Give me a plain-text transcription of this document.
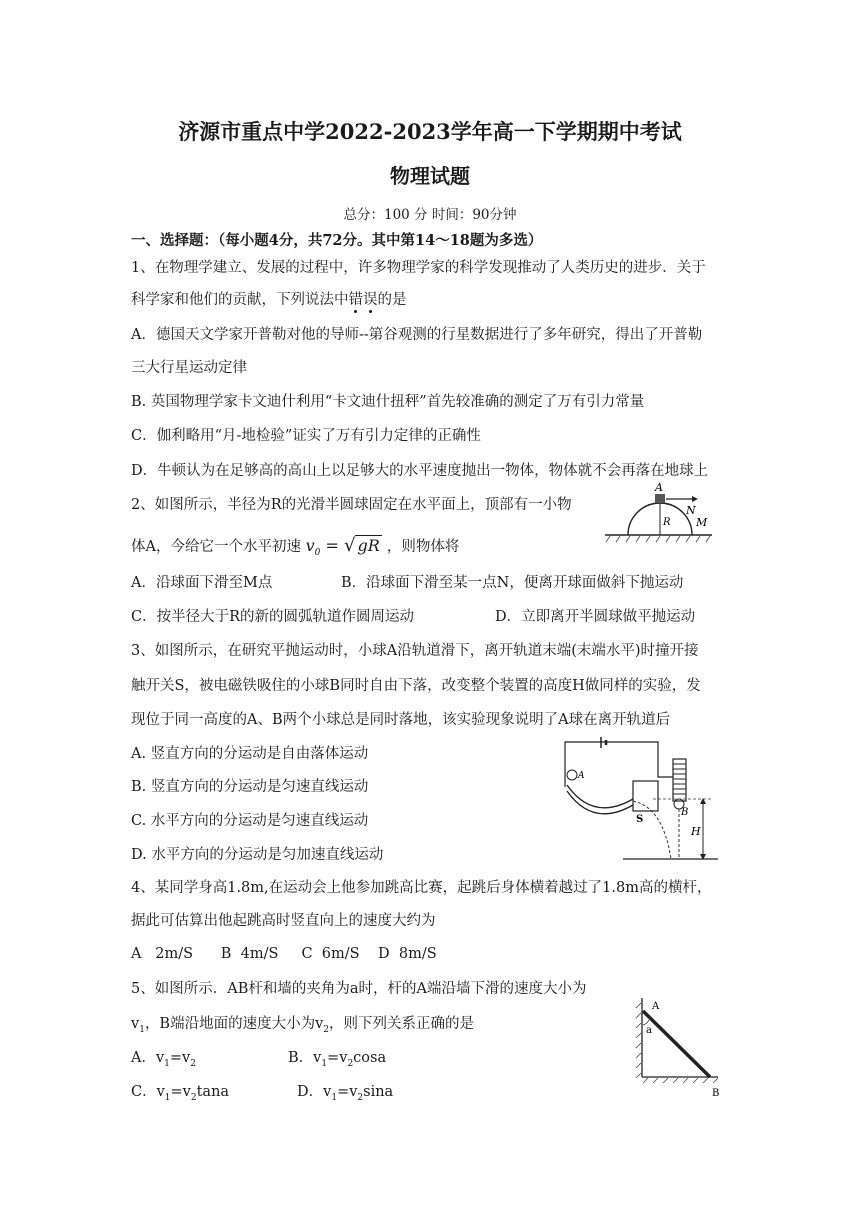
济源市重点中学2022-2023学年高一下学期期中考试
物理试题
总分：100 分 时间：90分钟
一、选择题：（每小题4分，共72分。其中第14～18题为多选）
1、在物理学建立、发展的过程中，许多物理学家的科学发现推动了人类历史的进步．关于
科学家和他们的贡献，下列说法中错误的是
A．德国天文学家开普勒对他的导师--第谷观测的行星数据进行了多年研究，得出了开普勒
三大行星运动定律
B. 英国物理学家卡文迪什利用“卡文迪什扭秤”首先较准确的测定了万有引力常量
C．伽利略用“月-地检验”证实了万有引力定律的正确性
D．牛顿认为在足够高的高山上以足够大的水平速度抛出一物体，物体就不会再落在地球上
2、如图所示，半径为R的光滑半圆球固定在水平面上，顶部有一小物
体A，今给它一个水平初速 $v_0$ = √ gR ，则物体将
A．沿球面下滑至M点	B．沿球面下滑至某一点N，便离开球面做斜下抛运动
C．按半径大于R的新的圆弧轨道作圆周运动	D．立即离开半圆球做平抛运动
A
N
R M
3、如图所示，在研究平抛运动时，小球A沿轨道滑下，离开轨道末端(末端水平)时撞开接
触开关S，被电磁铁吸住的小球B同时自由下落，改变整个装置的高度H做同样的实验，发
现位于同一高度的A、B两个小球总是同时落地，该实验现象说明了A球在离开轨道后
A. 竖直方向的分运动是自由落体运动
B. 竖直方向的分运动是匀速直线运动
C. 水平方向的分运动是匀速直线运动
D. 水平方向的分运动是匀加速直线运动
A
B
S
H
4、某同学身高1.8m,在运动会上他参加跳高比赛，起跳后身体横着越过了1.8m高的横杆，
据此可估算出他起跳高时竖直向上的速度大约为
A   2m/S      B  4m/S     C  6m/S    D  8m/S
5、如图所示．AB杆和墙的夹角为a时，杆的A端沿墙下滑的速度大小为
$v_1$，B端沿地面的速度大小为$v_2$，则下列关系正确的是
A．$v_1=v_2$	B．$v_1=v_2\cos a$
C．$v_1=v_2\tan a$	D．$v_1=v_2\sin a$
A
a
B
